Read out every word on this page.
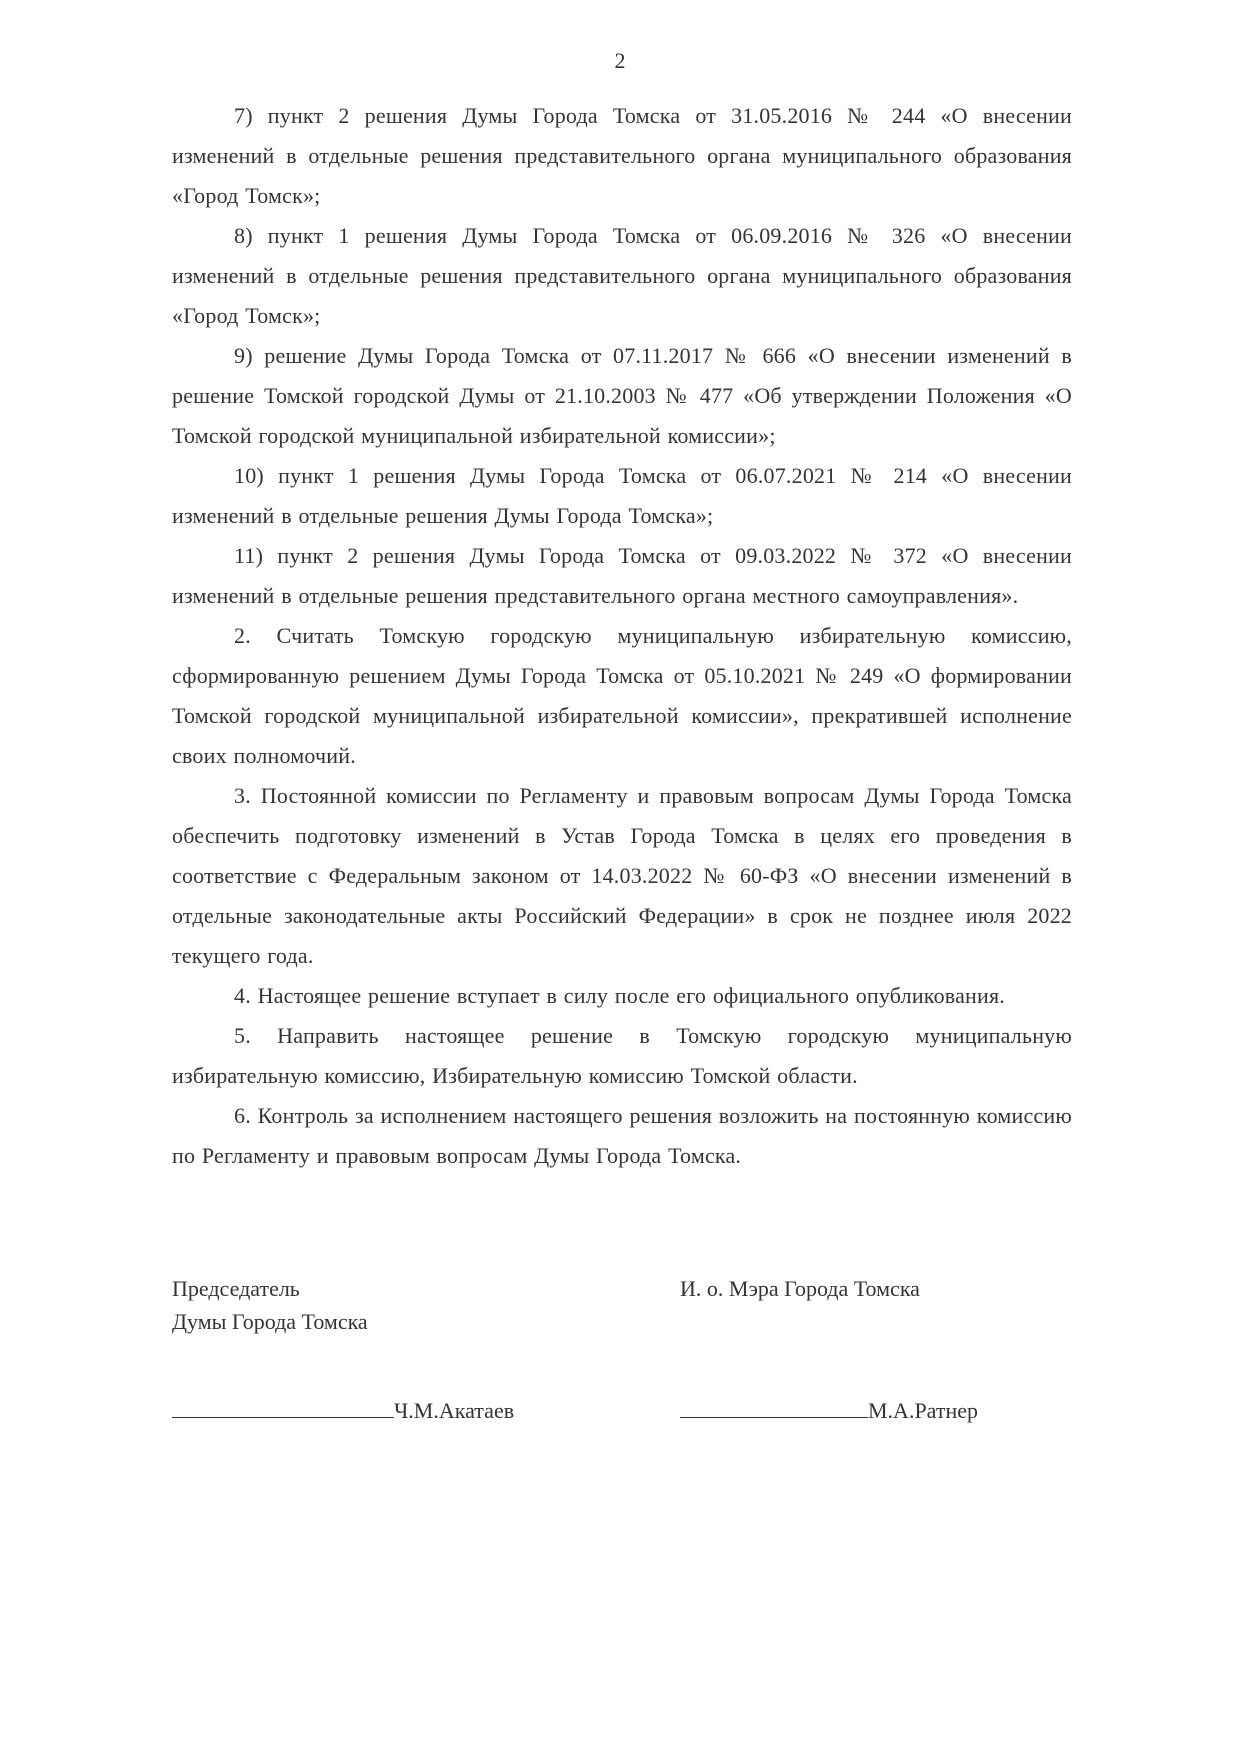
2

7) пункт 2 решения Думы Города Томска от 31.05.2016 № 244 «О внесении изменений в отдельные решения представительного органа муниципального образования «Город Томск»;

8) пункт 1 решения Думы Города Томска от 06.09.2016 № 326 «О внесении изменений в отдельные решения представительного органа муниципального образования «Город Томск»;

9) решение Думы Города Томска от 07.11.2017 № 666 «О внесении изменений в решение Томской городской Думы от 21.10.2003 № 477 «Об утверждении Положения «О Томской городской муниципальной избирательной комиссии»;

10) пункт 1 решения Думы Города Томска от 06.07.2021 № 214 «О внесении изменений в отдельные решения Думы Города Томска»;

11) пункт 2 решения Думы Города Томска от 09.03.2022 № 372 «О внесении изменений в отдельные решения представительного органа местного самоуправления».

2. Считать Томскую городскую муниципальную избирательную комиссию, сформированную решением Думы Города Томска от 05.10.2021 № 249 «О формировании Томской городской муниципальной избирательной комиссии», прекратившей исполнение своих полномочий.

3. Постоянной комиссии по Регламенту и правовым вопросам Думы Города Томска обеспечить подготовку изменений в Устав Города Томска в целях его проведения в соответствие с Федеральным законом от 14.03.2022 № 60-ФЗ «О внесении изменений в отдельные законодательные акты Российский Федерации» в срок не позднее июля 2022 текущего года.

4. Настоящее решение вступает в силу после его официального опубликования.

5. Направить настоящее решение в Томскую городскую муниципальную избирательную комиссию, Избирательную комиссию Томской области.

6. Контроль за исполнением настоящего решения возложить на постоянную комиссию по Регламенту и правовым вопросам Думы Города Томска.

Председатель
Думы Города Томска
Ч.М.Акатаев
И. о. Мэра Города Томска
М.А.Ратнер
